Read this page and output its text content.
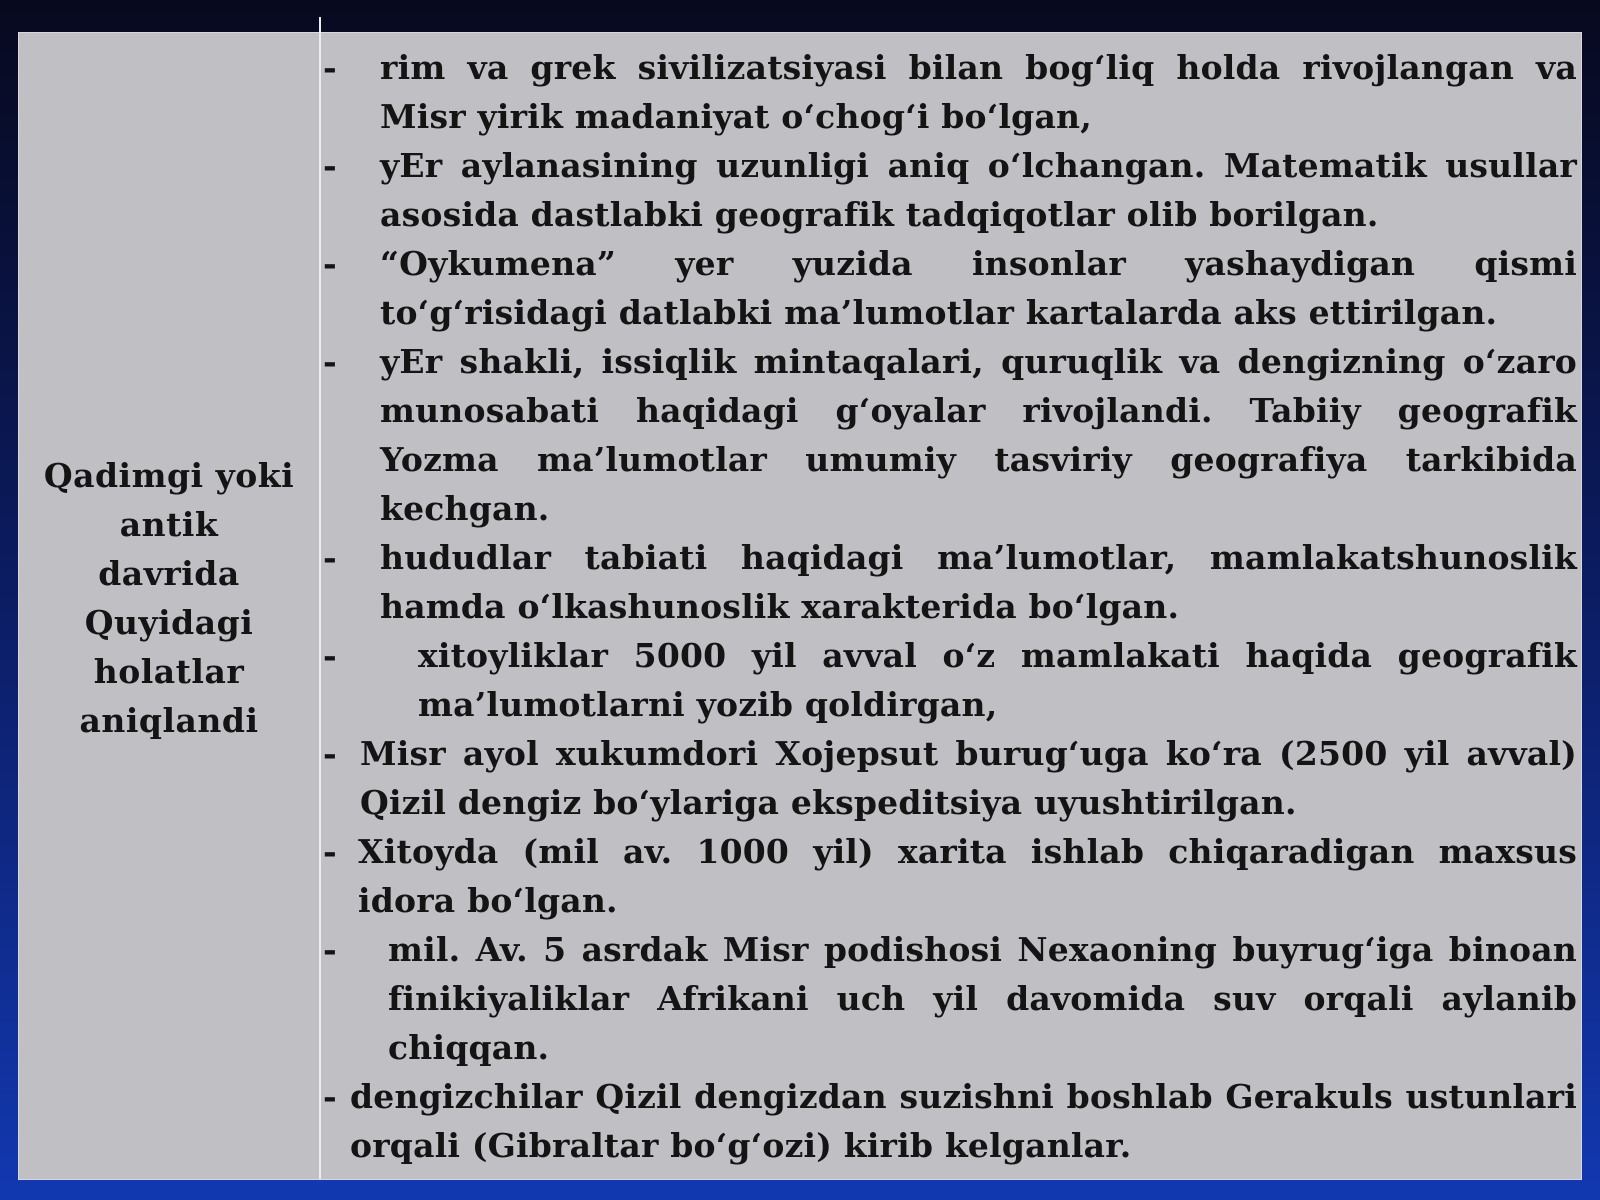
Qadimgi yoki
antik
davrida
Quyidagi
holatlar
aniqlandi
- rim va grek sivilizatsiyasi bilan bog‘liq holda rivojlangan va Misr yirik madaniyat o‘chog‘i bo‘lgan,
- yEr aylanasining uzunligi aniq o‘lchangan. Matematik usullar asosida dastlabki geografik tadqiqotlar olib borilgan.
- “Oykumena” yer yuzida insonlar yashaydigan qismi to‘g‘risidagi datlabki ma’lumotlar kartalarda aks ettirilgan.
- yEr shakli, issiqlik mintaqalari, quruqlik va dengizning o‘zaro munosabati haqidagi g‘oyalar rivojlandi. Tabiiy geografik Yozma ma’lumotlar umumiy tasviriy geografiya tarkibida kechgan.
- hududlar tabiati haqidagi ma’lumotlar, mamlakatshunoslik hamda o‘lkashunoslik xarakterida bo‘lgan.
- xitoyliklar 5000 yil avval o‘z mamlakati haqida geografik ma’lumotlarni yozib qoldirgan,
- Misr ayol xukumdori Xojepsut burug‘uga ko‘ra (2500 yil avval) Qizil dengiz bo‘ylariga ekspeditsiya uyushtirilgan.
- Xitoyda (mil av. 1000 yil) xarita ishlab chiqaradigan maxsus idora bo‘lgan.
- mil. Av. 5 asrdak Misr podishosi Nexaoning buyrug‘iga binoan finikiyaliklar Afrikani uch yil davomida suv orqali aylanib chiqqan.
- dengizchilar Qizil dengizdan suzishni boshlab Gerakuls ustunlari orqali (Gibraltar bo‘g‘ozi) kirib kelganlar.
